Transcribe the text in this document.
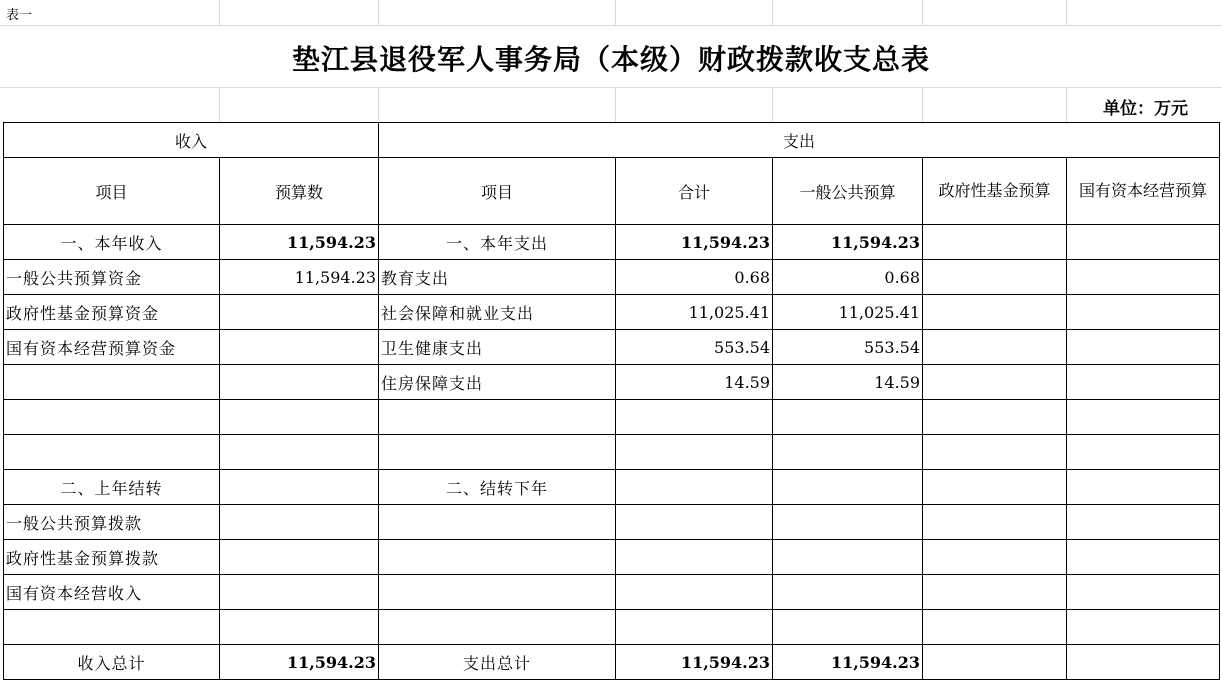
表一
垫江县退役军人事务局（本级）财政拨款收支总表
单位：万元
收入		支出				
项目	预算数	项目	合计	一般公共预算	政府性基金预算	国有资本经营预算
一、本年收入	11,594.23	一、本年支出	11,594.23	11,594.23		
一般公共预算资金	11,594.23	教育支出	0.68	0.68		
政府性基金预算资金		社会保障和就业支出	11,025.41	11,025.41		
国有资本经营预算资金		卫生健康支出	553.54	553.54		
		住房保障支出	14.59	14.59		

二、上年结转		二、结转下年				
一般公共预算拨款						
政府性基金预算拨款						
国有资本经营收入						

收入总计	11,594.23	支出总计	11,594.23	11,594.23		
